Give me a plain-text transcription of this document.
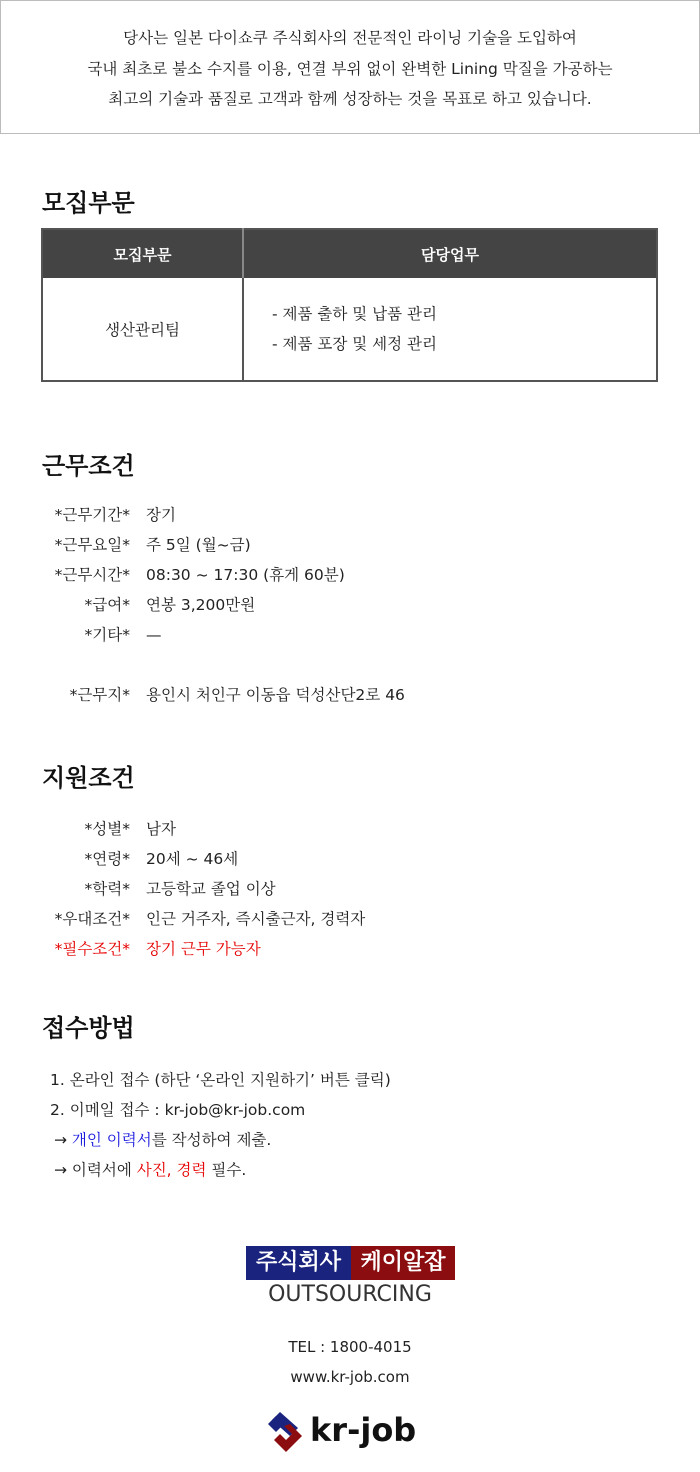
당사는 일본 다이쇼쿠 주식회사의 전문적인 라이닝 기술을 도입하여
국내 최초로 불소 수지를 이용, 연결 부위 없이 완벽한 Lining 막질을 가공하는
최고의 기술과 품질로 고객과 함께 성장하는 것을 목표로 하고 있습니다.
모집부문
모집부문	담당업무
생산관리팀	- 제품 출하 및 납품 관리
- 제품 포장 및 세정 관리
근무조건
*근무기간* 장기
*근무요일* 주 5일 (월~금)
*근무시간* 08:30 ~ 17:30 (휴게 60분)
*급여* 연봉 3,200만원
*기타* —
*근무지* 용인시 처인구 이동읍 덕성산단2로 46
지원조건
*성별* 남자
*연령* 20세 ~ 46세
*학력* 고등학교 졸업 이상
*우대조건* 인근 거주자, 즉시출근자, 경력자
*필수조건* 장기 근무 가능자
접수방법
1. 온라인 접수 (하단 ‘온라인 지원하기’ 버튼 클릭)
2. 이메일 접수 : kr-job@kr-job.com
→ 개인 이력서를 작성하여 제출.
→ 이력서에 사진, 경력 필수.
주식회사 케이알잡
OUTSOURCING
TEL : 1800-4015
www.kr-job.com
kr-job
